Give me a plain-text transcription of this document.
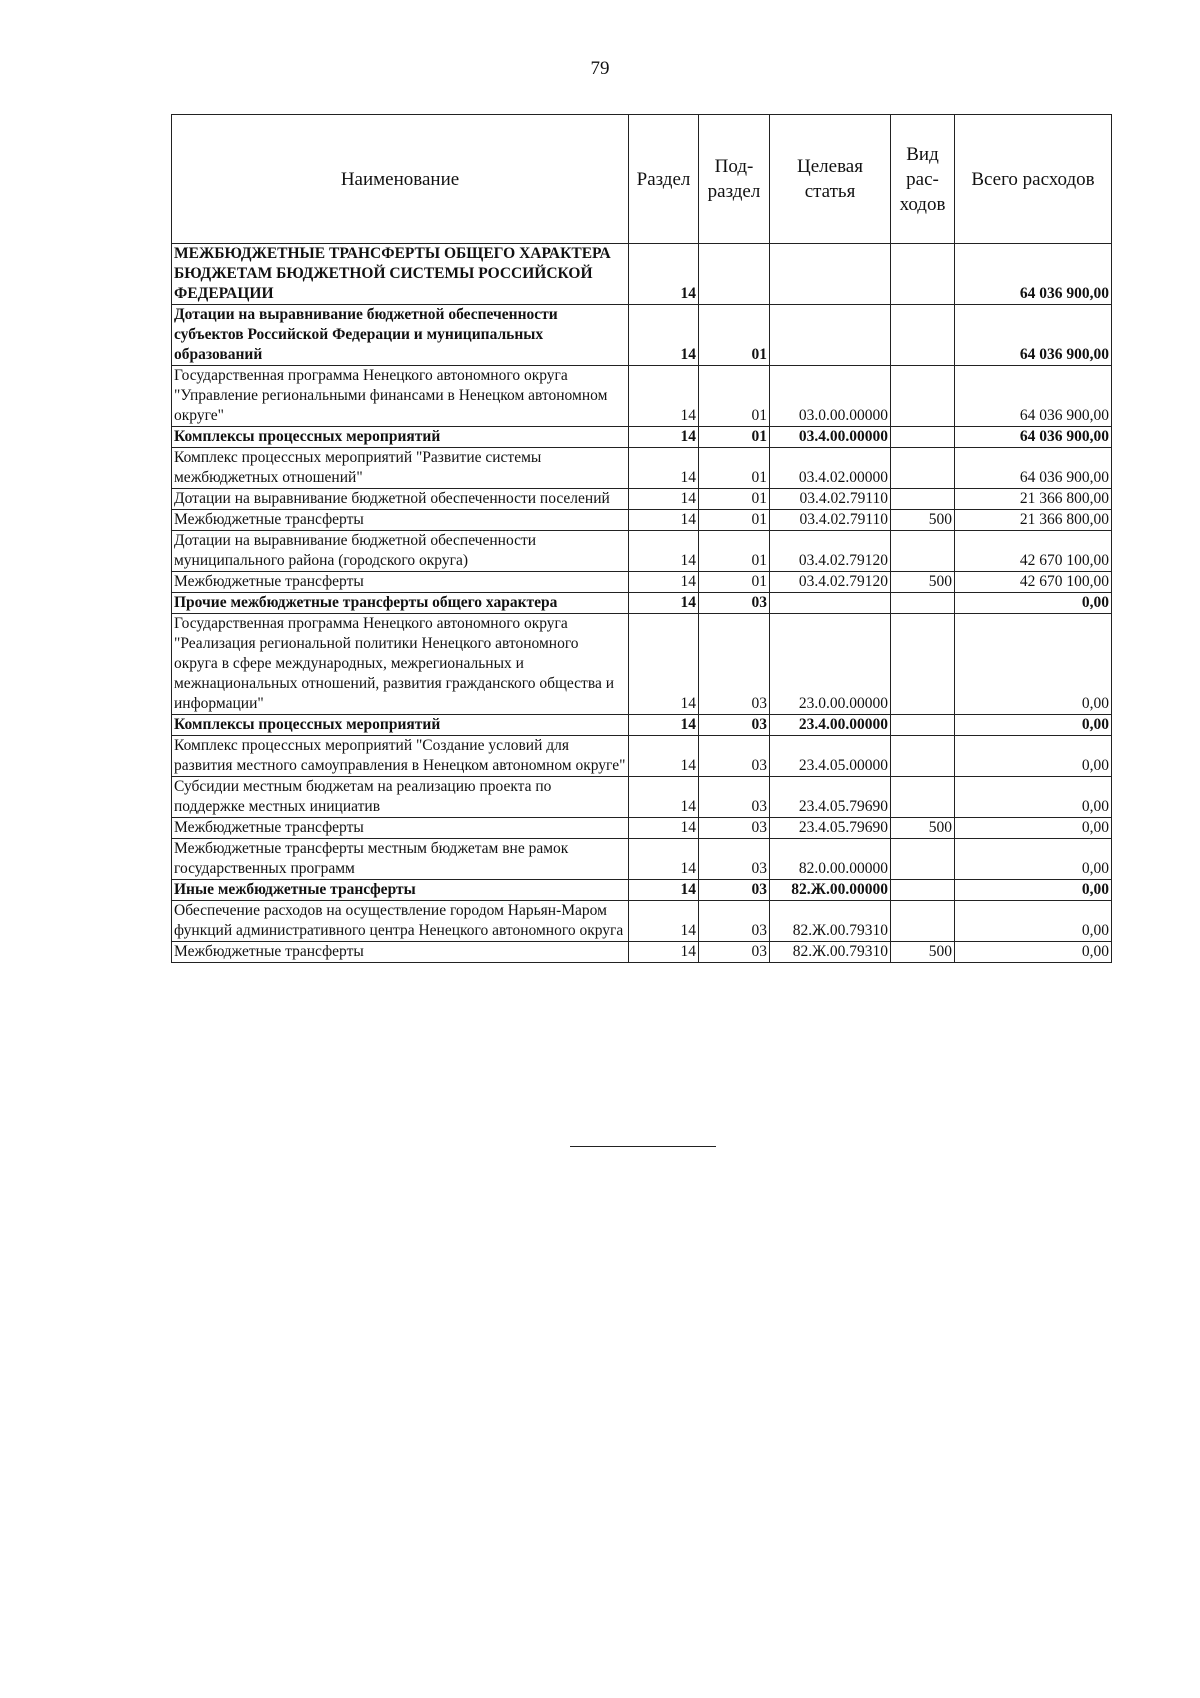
79
Наименование	Раздел	Под-раздел	Целевая статья	Вид рас-ходов	Всего расходов
МЕЖБЮДЖЕТНЫЕ ТРАНСФЕРТЫ ОБЩЕГО ХАРАКТЕРА БЮДЖЕТАМ БЮДЖЕТНОЙ СИСТЕМЫ РОССИЙСКОЙ ФЕДЕРАЦИИ	14				64 036 900,00
Дотации на выравнивание бюджетной обеспеченности субъектов Российской Федерации и муниципальных образований	14	01			64 036 900,00
Государственная программа Ненецкого автономного округа "Управление региональными финансами в Ненецком автономном округе"	14	01	03.0.00.00000		64 036 900,00
Комплексы процессных мероприятий	14	01	03.4.00.00000		64 036 900,00
Комплекс процессных мероприятий "Развитие системы межбюджетных отношений"	14	01	03.4.02.00000		64 036 900,00
Дотации на выравнивание бюджетной обеспеченности поселений	14	01	03.4.02.79110		21 366 800,00
Межбюджетные трансферты	14	01	03.4.02.79110	500	21 366 800,00
Дотации на выравнивание бюджетной обеспеченности муниципального района (городского округа)	14	01	03.4.02.79120		42 670 100,00
Межбюджетные трансферты	14	01	03.4.02.79120	500	42 670 100,00
Прочие межбюджетные трансферты общего характера	14	03			0,00
Государственная программа Ненецкого автономного округа "Реализация региональной политики Ненецкого автономного округа в сфере международных, межрегиональных и межнациональных отношений, развития гражданского общества и информации"	14	03	23.0.00.00000		0,00
Комплексы процессных мероприятий	14	03	23.4.00.00000		0,00
Комплекс процессных мероприятий "Создание условий для развития местного самоуправления в Ненецком автономном округе"	14	03	23.4.05.00000		0,00
Субсидии местным бюджетам на реализацию проекта по поддержке местных инициатив	14	03	23.4.05.79690		0,00
Межбюджетные трансферты	14	03	23.4.05.79690	500	0,00
Межбюджетные трансферты местным бюджетам вне рамок государственных программ	14	03	82.0.00.00000		0,00
Иные межбюджетные трансферты	14	03	82.Ж.00.00000		0,00
Обеспечение расходов на осуществление городом Нарьян-Маром функций административного центра Ненецкого автономного округа	14	03	82.Ж.00.79310		0,00
Межбюджетные трансферты	14	03	82.Ж.00.79310	500	0,00
